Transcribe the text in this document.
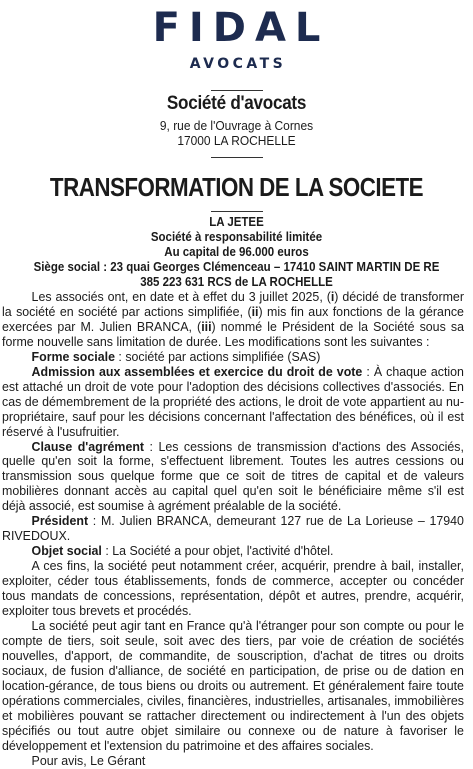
FIDAL
AVOCATS
Société d'avocats
9, rue de l'Ouvrage à Cornes
17000 LA ROCHELLE
TRANSFORMATION DE LA SOCIETE
LA JETEE
Société à responsabilité limitée
Au capital de 96.000 euros
Siège social : 23 quai Georges Clémenceau – 17410 SAINT MARTIN DE RE
385 223 631 RCS de LA ROCHELLE

Les associés ont, en date et à effet du 3 juillet 2025, (i) décidé de transformer la société en société par actions simplifiée, (ii) mis fin aux fonctions de la gérance exercées par M. Julien BRANCA, (iii) nommé le Président de la Société sous sa forme nouvelle sans limitation de durée. Les modifications sont les suivantes :

Forme sociale : société par actions simplifiée (SAS)

Admission aux assemblées et exercice du droit de vote : À chaque action est attaché un droit de vote pour l'adoption des décisions collectives d'associés. En cas de démembrement de la propriété des actions, le droit de vote appartient au nu-propriétaire, sauf pour les décisions concernant l'affectation des bénéfices, où il est réservé à l'usufruitier.

Clause d'agrément : Les cessions de transmission d'actions des Associés, quelle qu'en soit la forme, s'effectuent librement. Toutes les autres cessions ou transmission sous quelque forme que ce soit de titres de capital et de valeurs mobilières donnant accès au capital quel qu'en soit le bénéficiaire même s'il est déjà associé, est soumise à agrément préalable de la société.

Président : M. Julien BRANCA, demeurant 127 rue de La Lorieuse – 17940 RIVEDOUX.

Objet social : La Société a pour objet, l'activité d'hôtel.

A ces fins, la société peut notamment créer, acquérir, prendre à bail, installer, exploiter, céder tous établissements, fonds de commerce, accepter ou concéder tous mandats de concessions, représentation, dépôt et autres, prendre, acquérir, exploiter tous brevets et procédés.

La société peut agir tant en France qu'à l'étranger pour son compte ou pour le compte de tiers, soit seule, soit avec des tiers, par voie de création de sociétés nouvelles, d'apport, de commandite, de souscription, d'achat de titres ou droits sociaux, de fusion d'alliance, de société en participation, de prise ou de dation en location-gérance, de tous biens ou droits ou autrement. Et généralement faire toute opérations commerciales, civiles, financières, industrielles, artisanales, immobilières et mobilières pouvant se rattacher directement ou indirectement à l'un des objets spécifiés ou tout autre objet similaire ou connexe ou de nature à favoriser le développement et l'extension du patrimoine et des affaires sociales.

Pour avis, Le Gérant
